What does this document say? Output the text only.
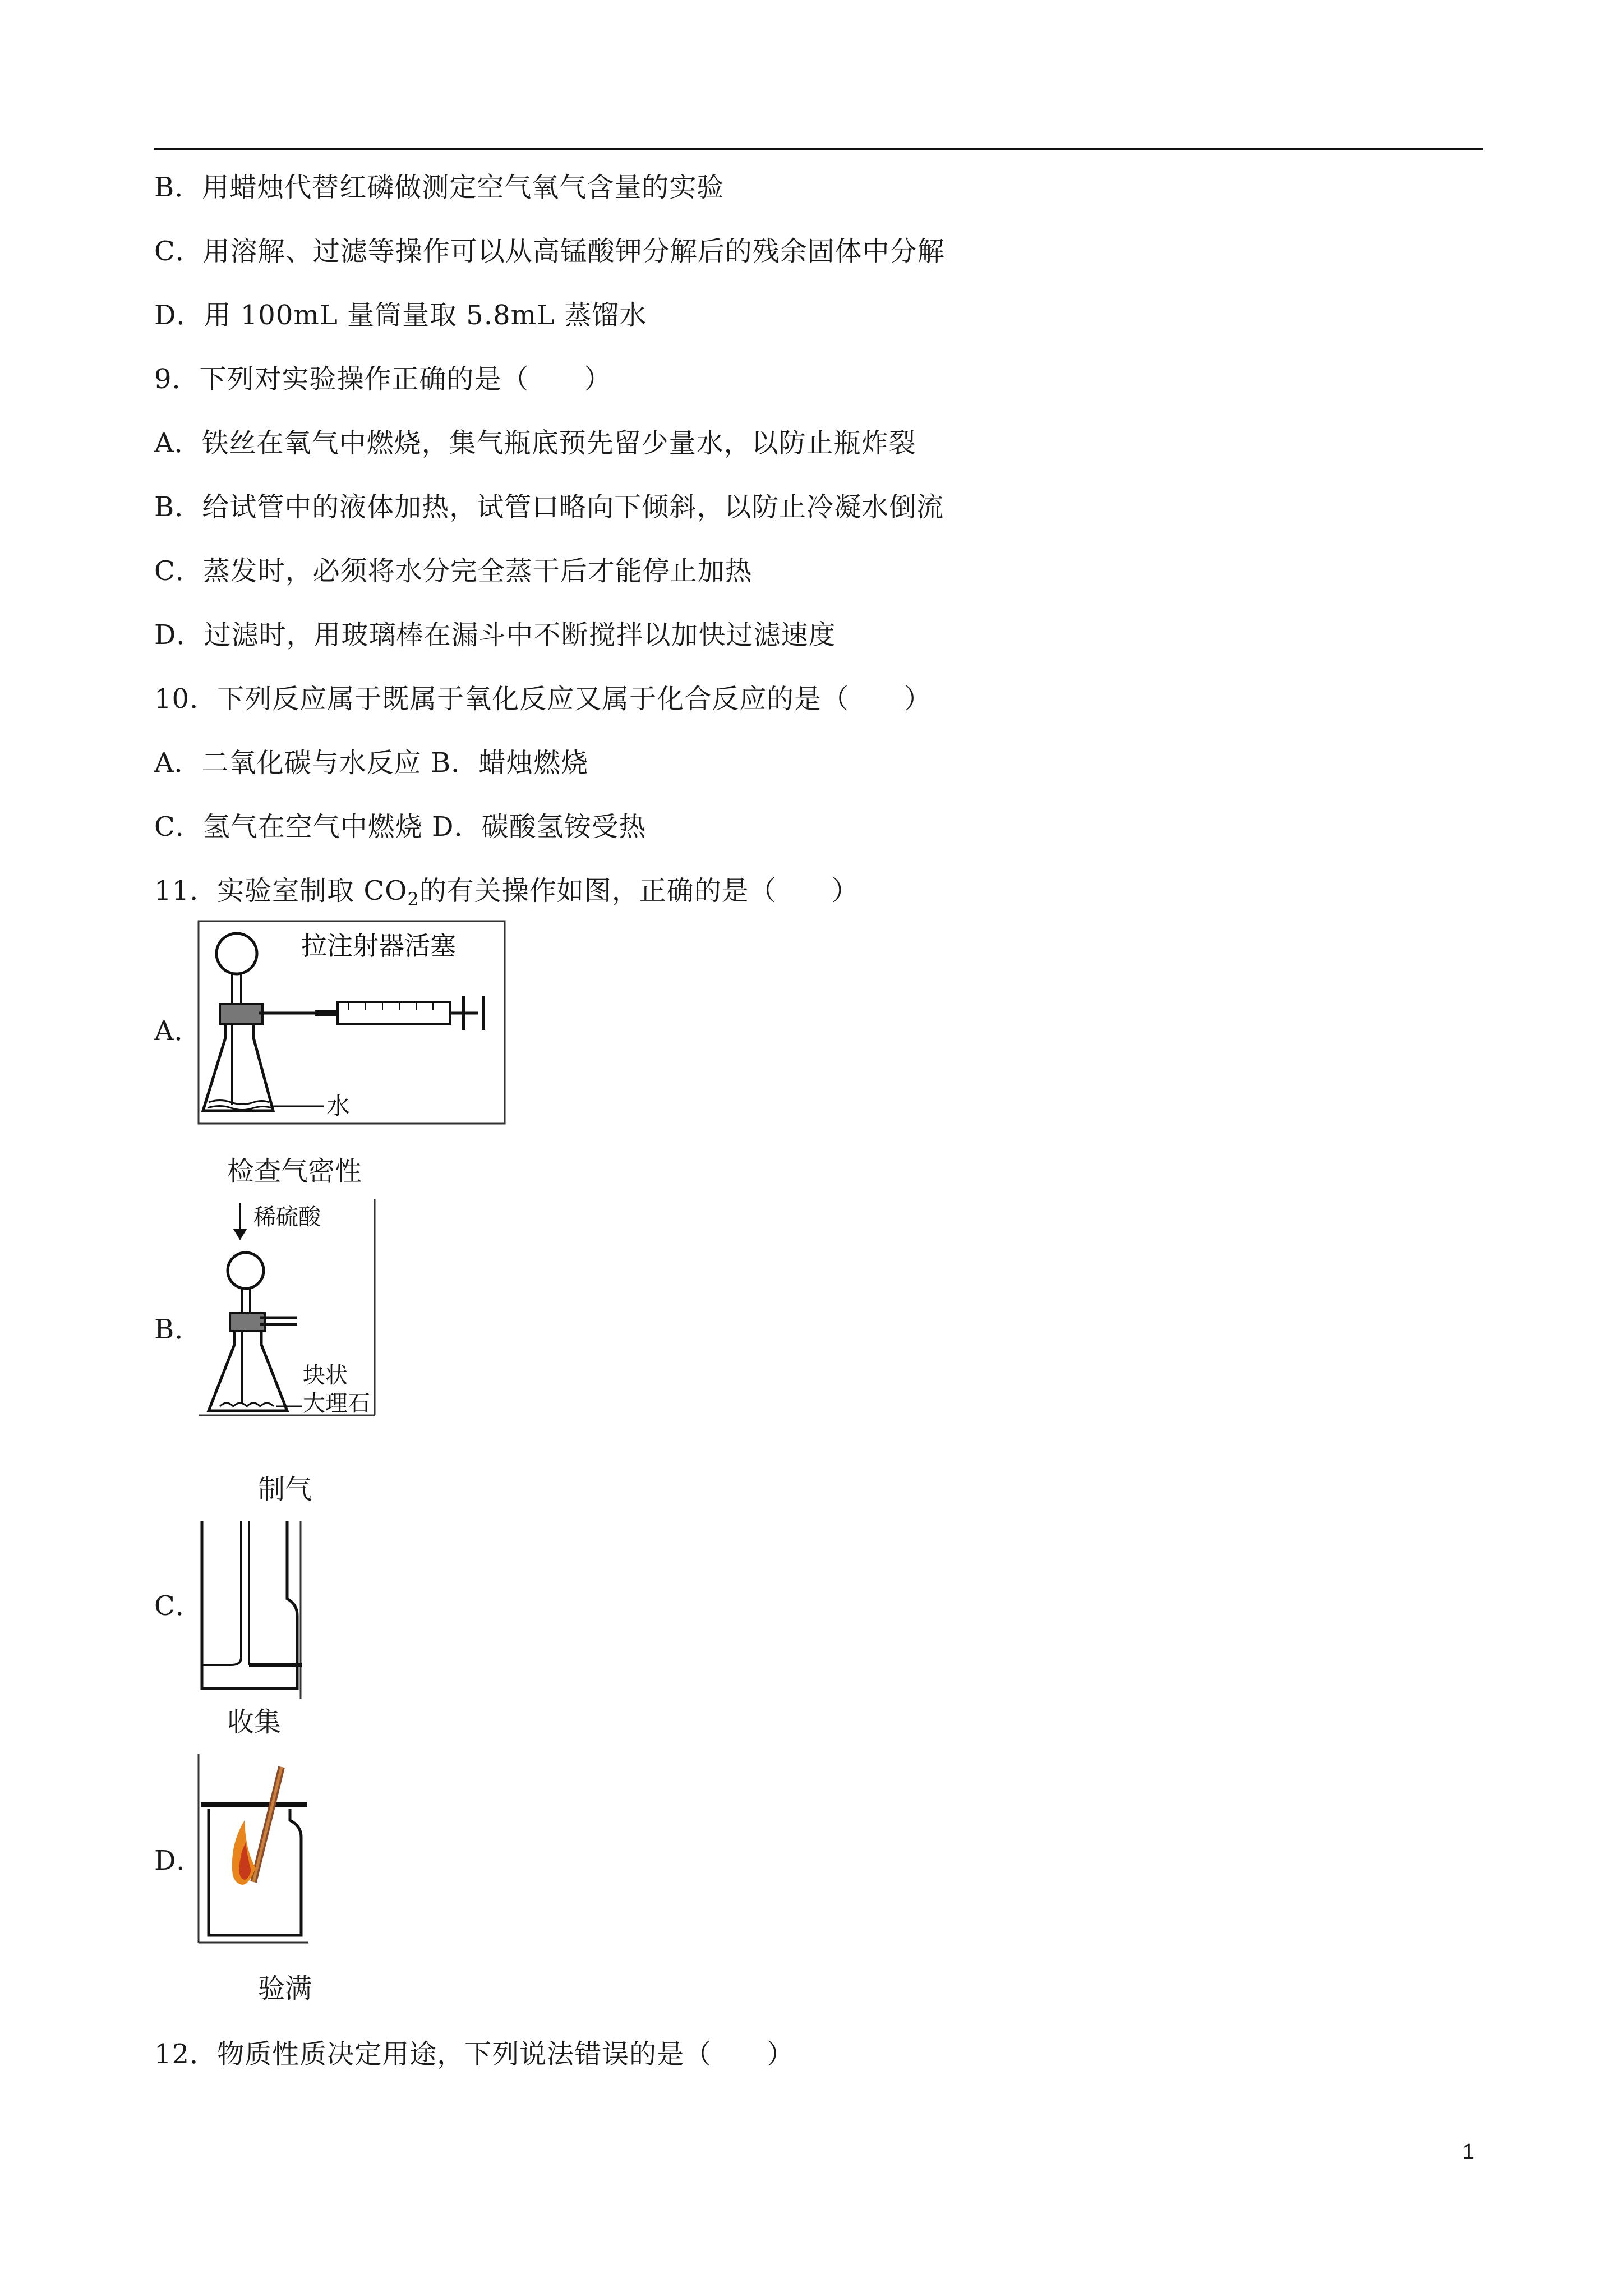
B．用蜡烛代替红磷做测定空气氧气含量的实验
C．用溶解、过滤等操作可以从高锰酸钾分解后的残余固体中分解
D．用 100mL 量筒量取 5.8mL 蒸馏水
9．下列对实验操作正确的是（　　）
A．铁丝在氧气中燃烧，集气瓶底预先留少量水，以防止瓶炸裂
B．给试管中的液体加热，试管口略向下倾斜，以防止冷凝水倒流
C．蒸发时，必须将水分完全蒸干后才能停止加热
D．过滤时，用玻璃棒在漏斗中不断搅拌以加快过滤速度
10．下列反应属于既属于氧化反应又属于化合反应的是（　　）
A．二氧化碳与水反应 B．蜡烛燃烧
C．氢气在空气中燃烧 D．碳酸氢铵受热
11．实验室制取 $CO_2$的有关操作如图，正确的是（　　）
A．
水
拉注射器活塞
检查气密性
B．
稀硫酸
块状
大理石
制气
C．
收集
D．
验满
12．物质性质决定用途，下列说法错误的是（　　）
1
